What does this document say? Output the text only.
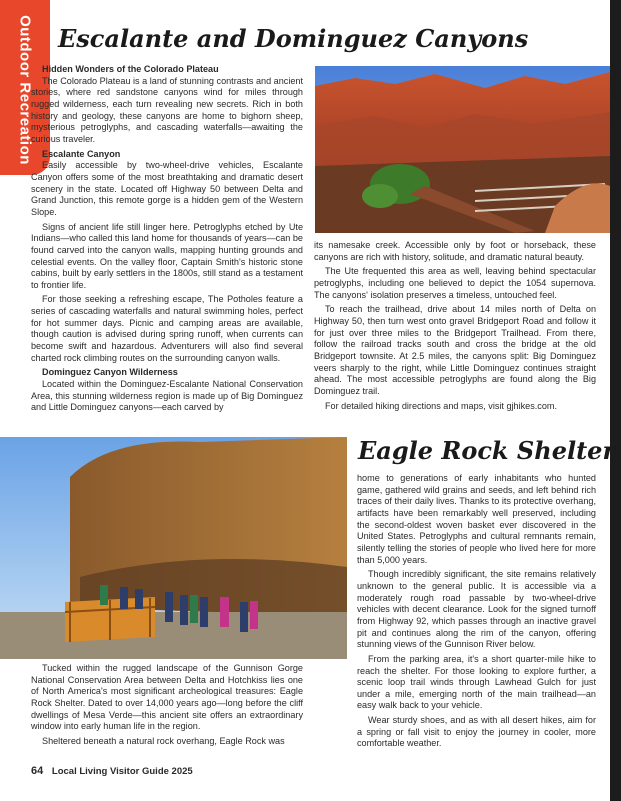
Outdoor Recreation Escalante and Dominguez Canyons
Hidden Wonders of the Colorado Plateau

The Colorado Plateau is a land of stunning contrasts and ancient stories, where red sandstone canyons wind for miles through rugged wilderness, each turn revealing new secrets. Rich in both history and geology, these canyons are home to bighorn sheep, mysterious petroglyphs, and cascading waterfalls—awaiting the curious traveler.

Escalante Canyon

Easily accessible by two-wheel-drive vehicles, Escalante Canyon offers some of the most breathtaking and dramatic desert scenery in the state. Located off Highway 50 between Delta and Grand Junction, this remote gorge is a hidden gem of the Western Slope.

Signs of ancient life still linger here. Petroglyphs etched by Ute Indians—who called this land home for thousands of years—can be found carved into the canyon walls, mapping hunting grounds and celestial events. On the valley floor, Captain Smith's historic stone cabins, built by early settlers in the 1800s, still stand as a testament to frontier life.

For those seeking a refreshing escape, The Potholes feature a series of cascading waterfalls and natural swimming holes, perfect for hot summer days. Picnic and camping areas are available, though caution is advised during spring runoff, when currents can become swift and hazardous. Adventurers will also find several charted rock climbing routes on the surrounding canyon walls.

Dominguez Canyon Wilderness

Located within the Dominguez-Escalante National Conservation Area, this stunning wilderness region is made up of Big Dominguez and Little Dominguez canyons—each carved by

its namesake creek. Accessible only by foot or horseback, these canyons are rich with history, solitude, and dramatic natural beauty.

The Ute frequented this area as well, leaving behind spectacular petroglyphs, including one believed to depict the 1054 supernova. The canyons' isolation preserves a timeless, untouched feel.

To reach the trailhead, drive about 14 miles north of Delta on Highway 50, then turn west onto gravel Bridgeport Road and follow it for just over three miles to the Bridgeport Trailhead. From there, follow the railroad tracks south and cross the bridge at the old Bridgeport townsite. At 2.5 miles, the canyons split: Big Dominguez veers sharply to the right, while Little Dominguez continues straight ahead. The most accessible petroglyphs are found along the Big Dominguez trail.

For detailed hiking directions and maps, visit gjhikes.com.

Eagle Rock Shelter

home to generations of early inhabitants who hunted game, gathered wild grains and seeds, and left behind rich traces of their daily lives. Thanks to its protective overhang, artifacts have been remarkably well preserved, including the second-oldest woven basket ever discovered in the United States. Petroglyphs and cultural remnants remain, silently telling the stories of people who lived here for more than 5,000 years.

Though incredibly significant, the site remains relatively unknown to the general public. It is accessible via a moderately rough road passable by two-wheel-drive vehicles with decent clearance. Look for the signed turnoff from Highway 92, which passes through an inactive gravel pit and continues along the rim of the canyon, offering stunning views of the Gunnison River below.

From the parking area, it's a short quarter-mile hike to reach the shelter. For those looking to explore further, a scenic loop trail winds through Lawhead Gulch for just under a mile, emerging north of the main trailhead—an easy walk back to your vehicle.

Wear sturdy shoes, and as with all desert hikes, aim for a spring or fall visit to enjoy the journey in cooler, more comfortable weather.

Tucked within the rugged landscape of the Gunnison Gorge National Conservation Area between Delta and Hotchkiss lies one of North America's most significant archeological treasures: Eagle Rock Shelter. Dated to over 14,000 years ago—long before the cliff dwellings of Mesa Verde—this ancient site offers an extraordinary window into early human life in the region.

Sheltered beneath a natural rock overhang, Eagle Rock was

64 Local Living Visitor Guide 2025
